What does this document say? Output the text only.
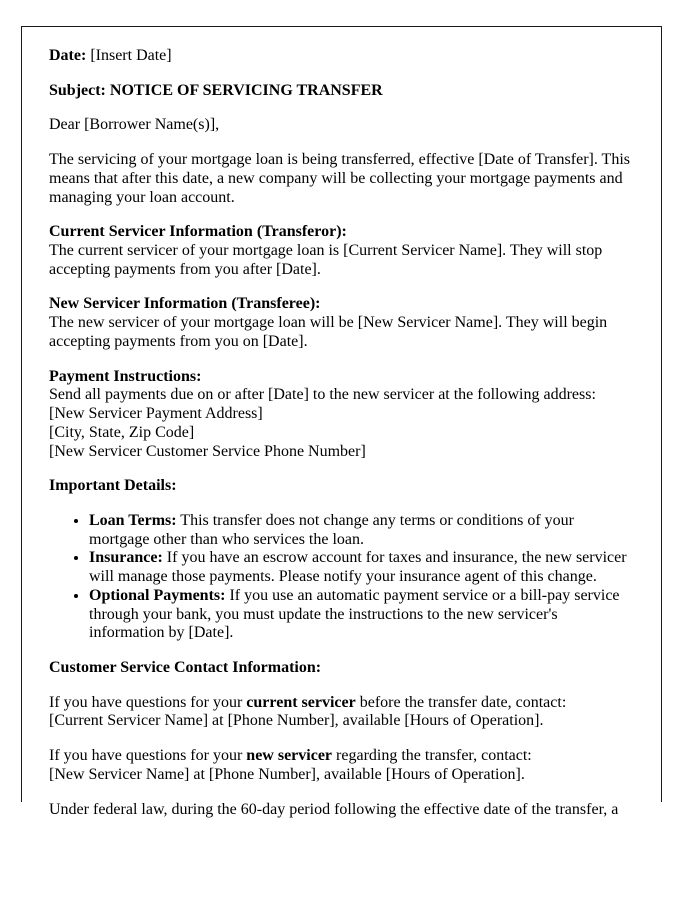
Date: [Insert Date]

Subject: NOTICE OF SERVICING TRANSFER

Dear [Borrower Name(s)],

The servicing of your mortgage loan is being transferred, effective [Date of Transfer]. This means that after this date, a new company will be collecting your mortgage payments and managing your loan account.

Current Servicer Information (Transferor):
The current servicer of your mortgage loan is [Current Servicer Name]. They will stop accepting payments from you after [Date].

New Servicer Information (Transferee):
The new servicer of your mortgage loan will be [New Servicer Name]. They will begin accepting payments from you on [Date].

Payment Instructions:
Send all payments due on or after [Date] to the new servicer at the following address:
[New Servicer Payment Address]
[City, State, Zip Code]
[New Servicer Customer Service Phone Number]

Important Details:

• Loan Terms: This transfer does not change any terms or conditions of your mortgage other than who services the loan.
• Insurance: If you have an escrow account for taxes and insurance, the new servicer will manage those payments. Please notify your insurance agent of this change.
• Optional Payments: If you use an automatic payment service or a bill-pay service through your bank, you must update the instructions to the new servicer's information by [Date].

Customer Service Contact Information:

If you have questions for your current servicer before the transfer date, contact:
[Current Servicer Name] at [Phone Number], available [Hours of Operation].

If you have questions for your new servicer regarding the transfer, contact:
[New Servicer Name] at [Phone Number], available [Hours of Operation].

Under federal law, during the 60-day period following the effective date of the transfer, a
